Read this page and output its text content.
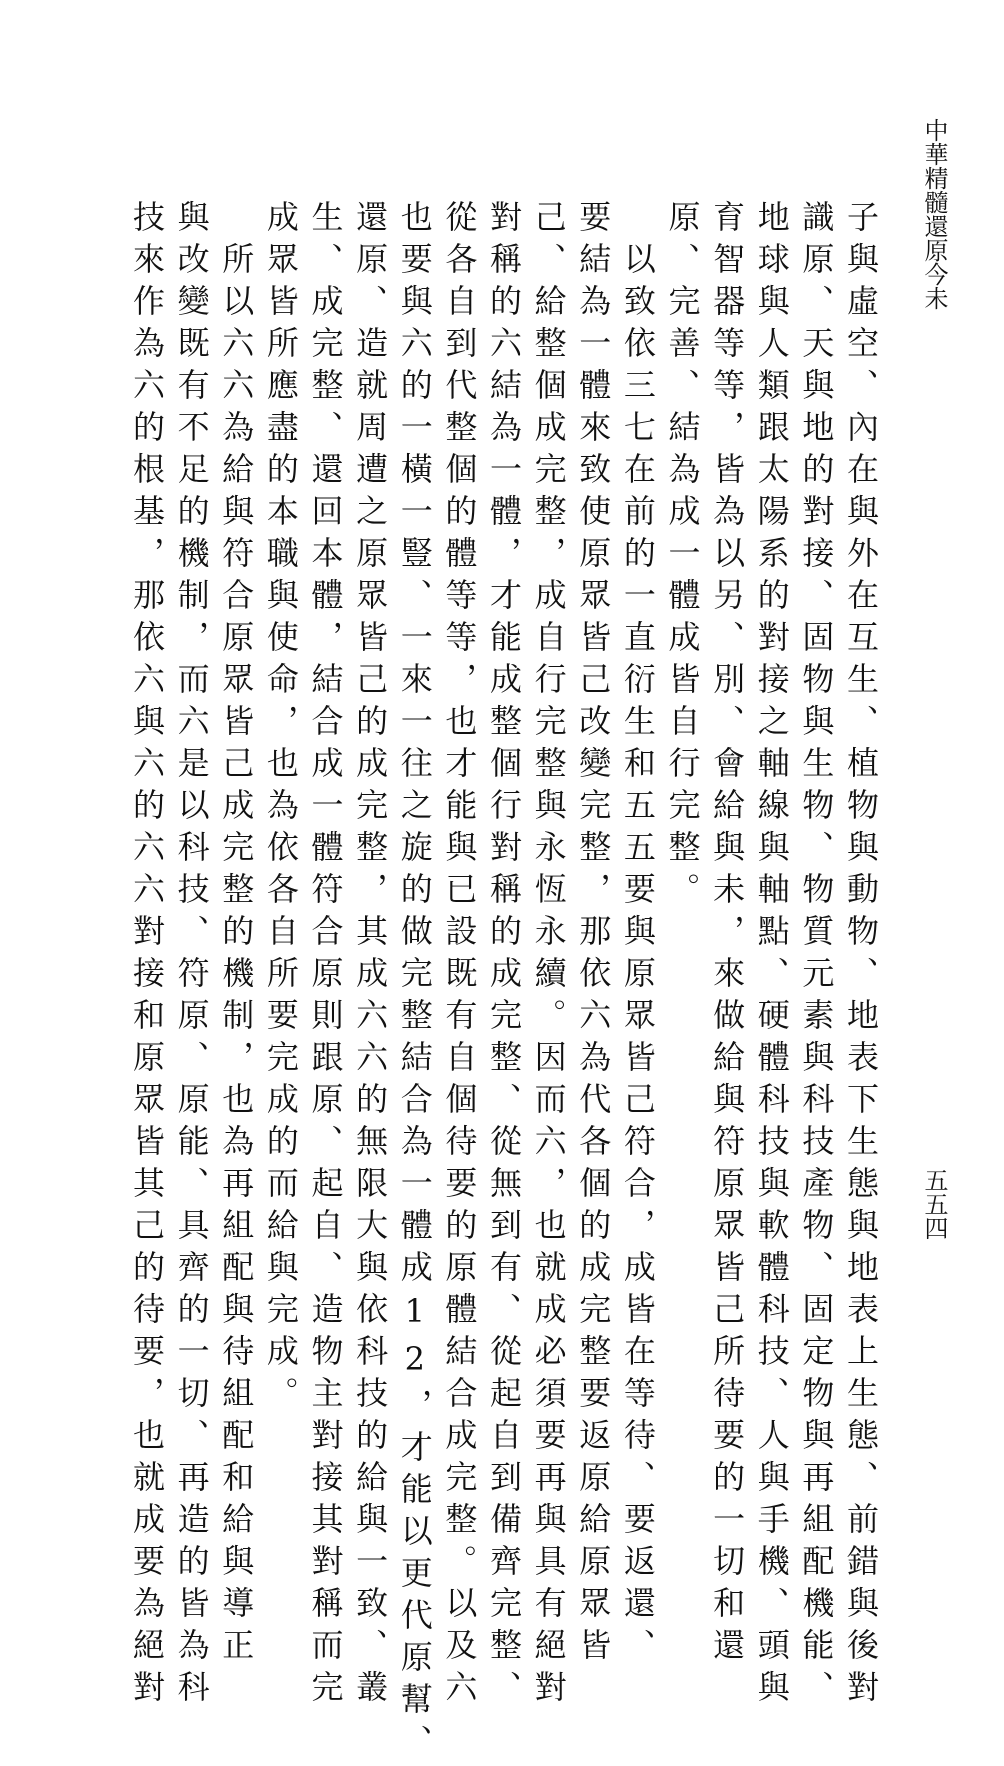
中華精髓還原今未
五五四
子與虛空、內在與外在互生、植物與動物、地表下生態與地表上生態、前錯與後對
識原、天與地的對接、固物與生物、物質元素與科技產物、固定物與再組配機能、
地球與人類跟太陽系的對接之軸線與軸點、硬體科技與軟體科技、人與手機、頭與
育智器等等，皆為以另、別、會給與未，來做給與符原眾皆己所待要的一切和還
原、完善、結為成一體成皆自行完整。
　以致依三七在前的一直衍生和五五要與原眾皆己符合，成皆在等待、要返還、
要結為一體來致使原眾皆己改變完整，那依六為代各個的成完整要返原給原眾皆
己、給整個成完整，成自行完整與永恆永續。因而六，也就成必須要再與具有絕對
對稱的六結為一體，才能成整個行對稱的成完整、從無到有、從起自到備齊完整、
從各自到代整個的體等等，也才能與已設既有自個待要的原體結合成完整。以及六
也要與六的一橫一豎、一來一往之旋的做完整結合為一體成12，才能以更代原幫、
還原、造就周遭之原眾皆己的成完整，其成六六的無限大與依科技的給與一致、叢
生、成完整、還回本體，結合成一體符合原則跟原、起自、造物主對接其對稱而完
成眾皆所應盡的本職與使命，也為依各自所要完成的而給與完成。
　所以六六為給與符合原眾皆己成完整的機制，也為再組配與待組配和給與導正
與改變既有不足的機制，而六是以科技、符原、原能、具齊的一切、再造的皆為科
技來作為六的根基，那依六與六的六六對接和原眾皆其己的待要，也就成要為絕對
